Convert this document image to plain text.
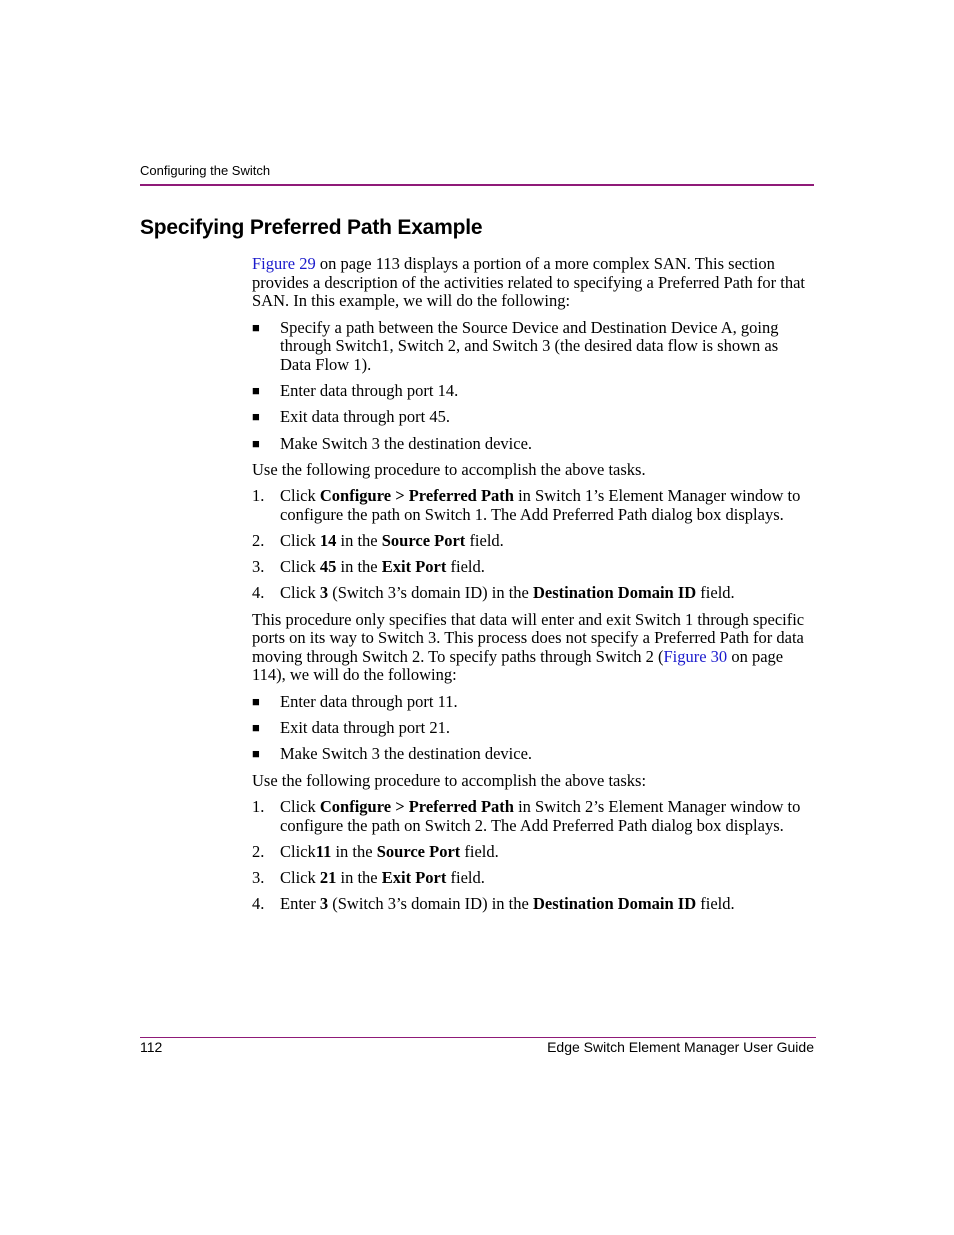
Configuring the Switch
Specifying Preferred Path Example

Figure 29 on page 113 displays a portion of a more complex SAN. This section provides a description of the activities related to specifying a Preferred Path for that SAN. In this example, we will do the following:

■ Specify a path between the Source Device and Destination Device A, going through Switch1, Switch 2, and Switch 3 (the desired data flow is shown as Data Flow 1).
■ Enter data through port 14.
■ Exit data through port 45.
■ Make Switch 3 the destination device.

Use the following procedure to accomplish the above tasks.

1. Click Configure > Preferred Path in Switch 1’s Element Manager window to configure the path on Switch 1. The Add Preferred Path dialog box displays.
2. Click 14 in the Source Port field.
3. Click 45 in the Exit Port field.
4. Click 3 (Switch 3’s domain ID) in the Destination Domain ID field.

This procedure only specifies that data will enter and exit Switch 1 through specific ports on its way to Switch 3. This process does not specify a Preferred Path for data moving through Switch 2. To specify paths through Switch 2 (Figure 30 on page 114), we will do the following:

■ Enter data through port 11.
■ Exit data through port 21.
■ Make Switch 3 the destination device.

Use the following procedure to accomplish the above tasks:

1. Click Configure > Preferred Path in Switch 2’s Element Manager window to configure the path on Switch 2. The Add Preferred Path dialog box displays.
2. Click11 in the Source Port field.
3. Click 21 in the Exit Port field.
4. Enter 3 (Switch 3’s domain ID) in the Destination Domain ID field.
112	Edge Switch Element Manager User Guide
